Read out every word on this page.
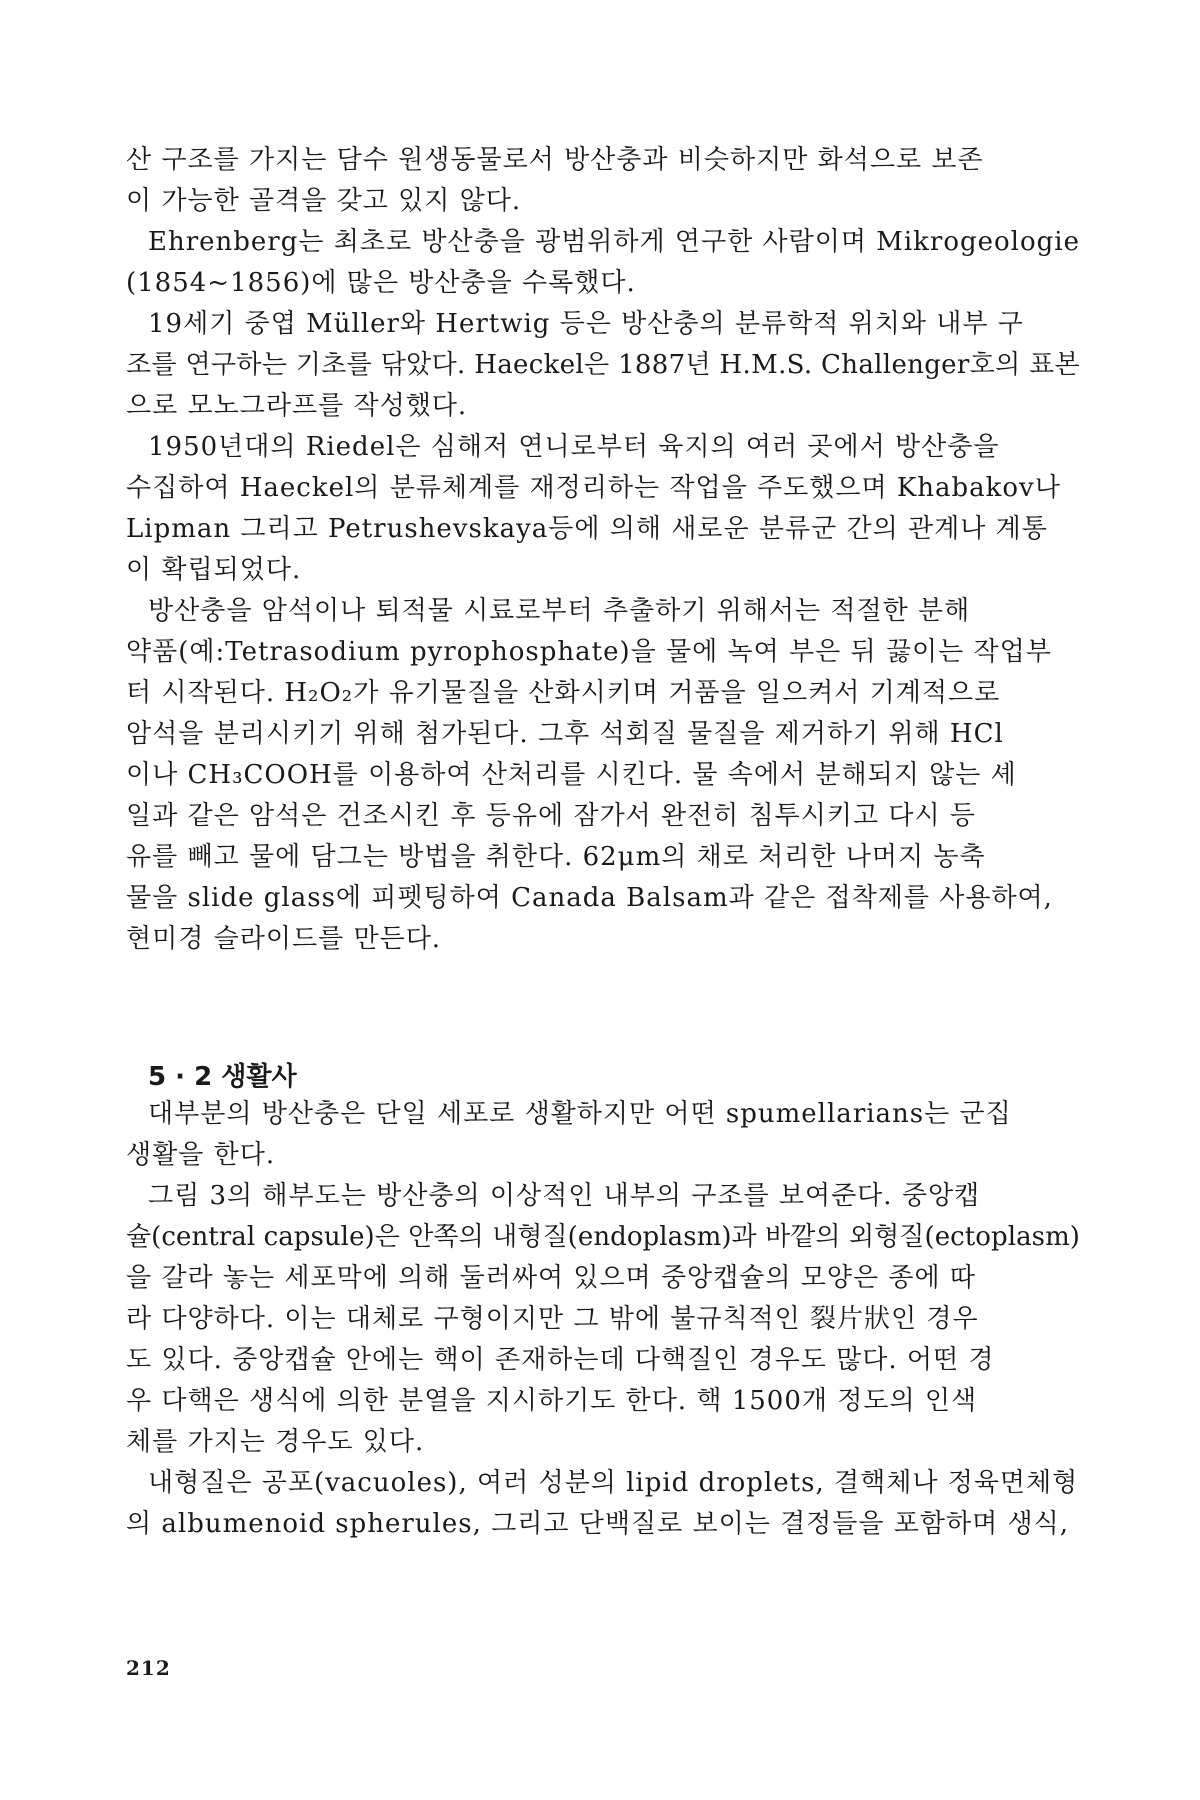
산 구조를 가지는 담수 원생동물로서 방산충과 비슷하지만 화석으로 보존
이 가능한 골격을 갖고 있지 않다.
Ehrenberg는 최초로 방산충을 광범위하게 연구한 사람이며 Mikrogeologie
(1854~1856)에 많은 방산충을 수록했다.
19세기 중엽 Müller와 Hertwig 등은 방산충의 분류학적 위치와 내부 구
조를 연구하는 기초를 닦았다. Haeckel은 1887년 H.M.S. Challenger호의 표본
으로 모노그라프를 작성했다.
1950년대의 Riedel은 심해저 연니로부터 육지의 여러 곳에서 방산충을
수집하여 Haeckel의 분류체계를 재정리하는 작업을 주도했으며 Khabakov나
Lipman 그리고 Petrushevskaya등에 의해 새로운 분류군 간의 관계나 계통
이 확립되었다.
방산충을 암석이나 퇴적물 시료로부터 추출하기 위해서는 적절한 분해
약품(예:Tetrasodium pyrophosphate)을 물에 녹여 부은 뒤 끓이는 작업부
터 시작된다. H₂O₂가 유기물질을 산화시키며 거품을 일으켜서 기계적으로
암석을 분리시키기 위해 첨가된다. 그후 석회질 물질을 제거하기 위해 HCl
이나 CH₃COOH를 이용하여 산처리를 시킨다. 물 속에서 분해되지 않는 셰
일과 같은 암석은 건조시킨 후 등유에 잠가서 완전히 침투시키고 다시 등
유를 빼고 물에 담그는 방법을 취한다. 62μm의 채로 처리한 나머지 농축
물을 slide glass에 피펫팅하여 Canada Balsam과 같은 접착제를 사용하여,
현미경 슬라이드를 만든다.
5 · 2 생활사
대부분의 방산충은 단일 세포로 생활하지만 어떤 spumellarians는 군집
생활을 한다.
그림 3의 해부도는 방산충의 이상적인 내부의 구조를 보여준다. 중앙캡
슐(central capsule)은 안쪽의 내형질(endoplasm)과 바깥의 외형질(ectoplasm)
을 갈라 놓는 세포막에 의해 둘러싸여 있으며 중앙캡슐의 모양은 종에 따
라 다양하다. 이는 대체로 구형이지만 그 밖에 불규칙적인 裂片狀인 경우
도 있다. 중앙캡슐 안에는 핵이 존재하는데 다핵질인 경우도 많다. 어떤 경
우 다핵은 생식에 의한 분열을 지시하기도 한다. 핵 1500개 정도의 인색
체를 가지는 경우도 있다.
내형질은 공포(vacuoles), 여러 성분의 lipid droplets, 결핵체나 정육면체형
의 albumenoid spherules, 그리고 단백질로 보이는 결정들을 포함하며 생식,
212
